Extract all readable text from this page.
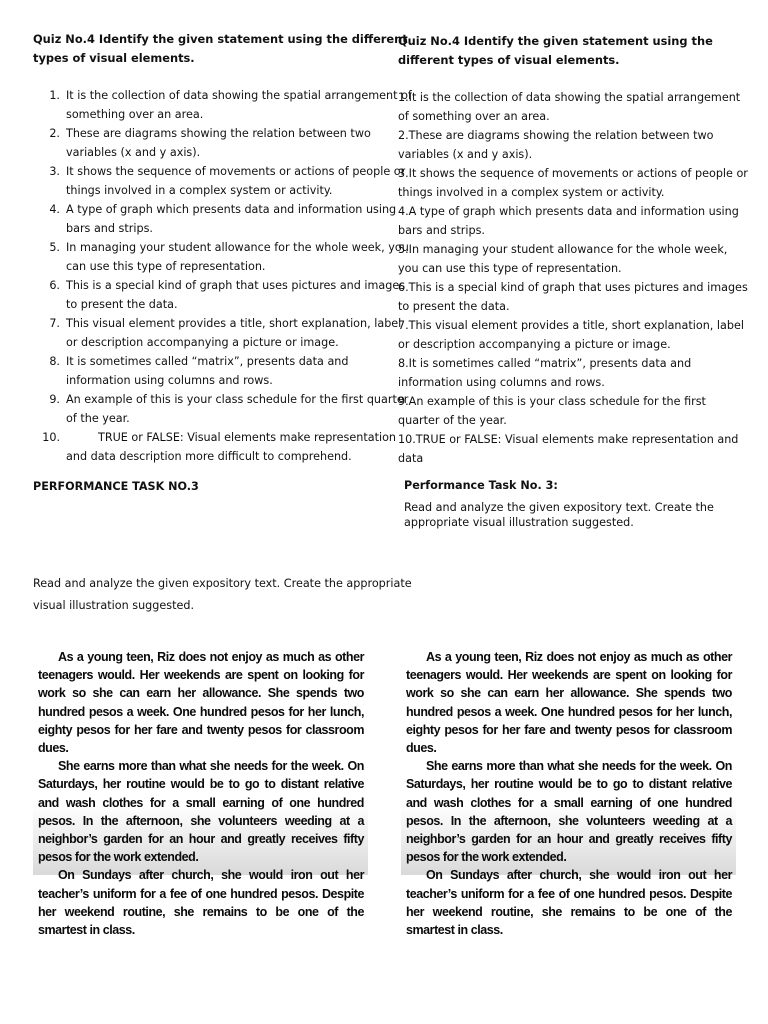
Quiz No.4 Identify the given statement using the different types of visual elements.
1. It is the collection of data showing the spatial arrangement of something over an area.
2. These are diagrams showing the relation between two variables (x and y axis).
3. It shows the sequence of movements or actions of people or things involved in a complex system or activity.
4. A type of graph which presents data and information using bars and strips.
5. In managing your student allowance for the whole week, you can use this type of representation.
6. This is a special kind of graph that uses pictures and images to present the data.
7. This visual element provides a title, short explanation, label or description accompanying a picture or image.
8. It is sometimes called “matrix”, presents data and information using columns and rows.
9. An example of this is your class schedule for the first quarter of the year.
10.	TRUE or FALSE: Visual elements make representation and data description more difficult to comprehend.
Quiz No.4 Identify the given statement using the different types of visual elements.
1.It is the collection of data showing the spatial arrangement of something over an area.
2.These are diagrams showing the relation between two variables (x and y axis).
3.It shows the sequence of movements or actions of people or things involved in a complex system or activity.
4.A type of graph which presents data and information using bars and strips.
5.In managing your student allowance for the whole week, you can use this type of representation.
6.This is a special kind of graph that uses pictures and images to present the data.
7.This visual element provides a title, short explanation, label or description accompanying a picture or image.
8.It is sometimes called “matrix”, presents data and information using columns and rows.
9.An example of this is your class schedule for the first quarter of the year.
10.TRUE or FALSE: Visual elements make representation and data
PERFORMANCE TASK NO.3	Performance Task No. 3:
Read and analyze the given expository text. Create the appropriate visual illustration suggested.
Read and analyze the given expository text. Create the appropriate visual illustration suggested.

As a young teen, Riz does not enjoy as much as other teenagers would. Her weekends are spent on looking for work so she can earn her allowance. She spends two hundred pesos a week. One hundred pesos for her lunch, eighty pesos for her fare and twenty pesos for classroom dues.

She earns more than what she needs for the week. On Saturdays, her routine would be to go to distant relative and wash clothes for a small earning of one hundred pesos. In the afternoon, she volunteers weeding at a neighbor’s garden for an hour and greatly receives fifty pesos for the work extended.

On Sundays after church, she would iron out her teacher’s uniform for a fee of one hundred pesos. Despite her weekend routine, she remains to be one of the smartest in class.

As a young teen, Riz does not enjoy as much as other teenagers would. Her weekends are spent on looking for work so she can earn her allowance. She spends two hundred pesos a week. One hundred pesos for her lunch, eighty pesos for her fare and twenty pesos for classroom dues.

She earns more than what she needs for the week. On Saturdays, her routine would be to go to distant relative and wash clothes for a small earning of one hundred pesos. In the afternoon, she volunteers weeding at a neighbor’s garden for an hour and greatly receives fifty pesos for the work extended.

On Sundays after church, she would iron out her teacher’s uniform for a fee of one hundred pesos. Despite her weekend routine, she remains to be one of the smartest in class.
